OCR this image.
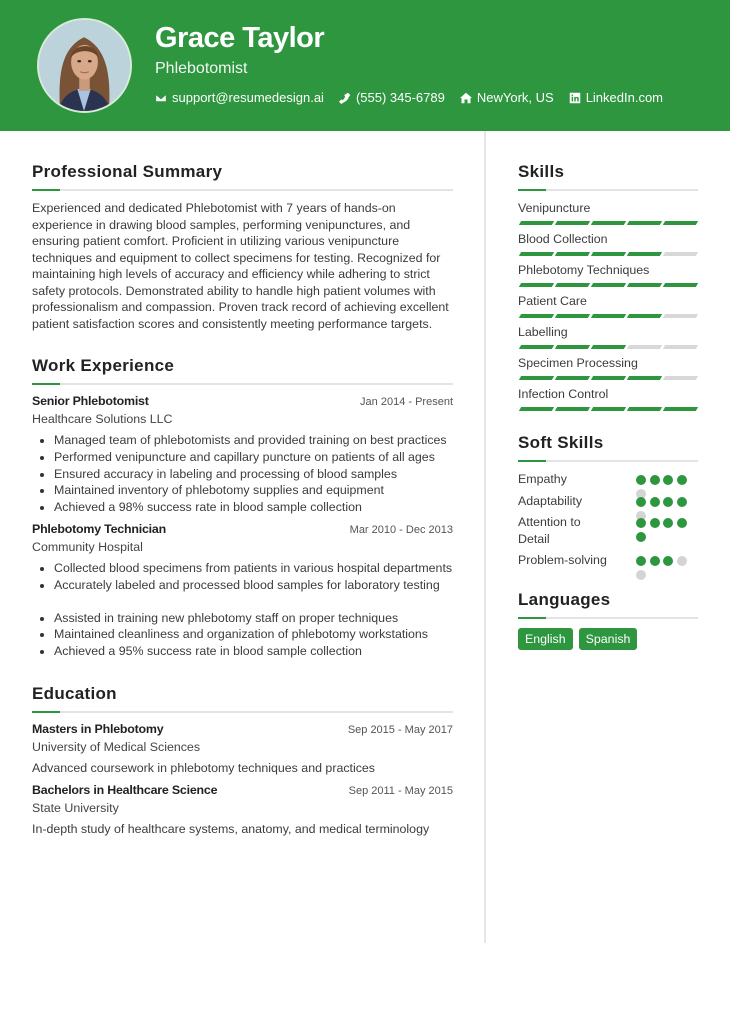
Grace Taylor
Phlebotomist
support@resumedesign.ai (555) 345-6789 NewYork, US LinkedIn.com
Professional Summary

Experienced and dedicated Phlebotomist with 7 years of hands-on experience in drawing blood samples, performing venipunctures, and ensuring patient comfort. Proficient in utilizing various venipuncture techniques and equipment to collect specimens for testing. Recognized for maintaining high levels of accuracy and efficiency while adhering to strict safety protocols. Demonstrated ability to handle high patient volumes with professionalism and compassion. Proven track record of achieving excellent patient satisfaction scores and consistently meeting performance targets.

Work Experience
Senior Phlebotomist	Jan 2014 - Present
Healthcare Solutions LLC
Managed team of phlebotomists and provided training on best practices
Performed venipuncture and capillary puncture on patients of all ages
Ensured accuracy in labeling and processing of blood samples
Maintained inventory of phlebotomy supplies and equipment
Achieved a 98% success rate in blood sample collection
Phlebotomy Technician	Mar 2010 - Dec 2013
Community Hospital
Collected blood specimens from patients in various hospital departments
Accurately labeled and processed blood samples for laboratory testing
Assisted in training new phlebotomy staff on proper techniques
Maintained cleanliness and organization of phlebotomy workstations
Achieved a 95% success rate in blood sample collection
Education
Masters in Phlebotomy	Sep 2015 - May 2017
University of Medical Sciences
Advanced coursework in phlebotomy techniques and practices
Bachelors in Healthcare Science	Sep 2011 - May 2015
State University
In-depth study of healthcare systems, anatomy, and medical terminology
Skills
Venipuncture
Blood Collection
Phlebotomy Techniques
Patient Care
Labelling
Specimen Processing
Infection Control
Soft Skills
Empathy
Adaptability
Attention to Detail
Problem-solving
Languages
English	Spanish
